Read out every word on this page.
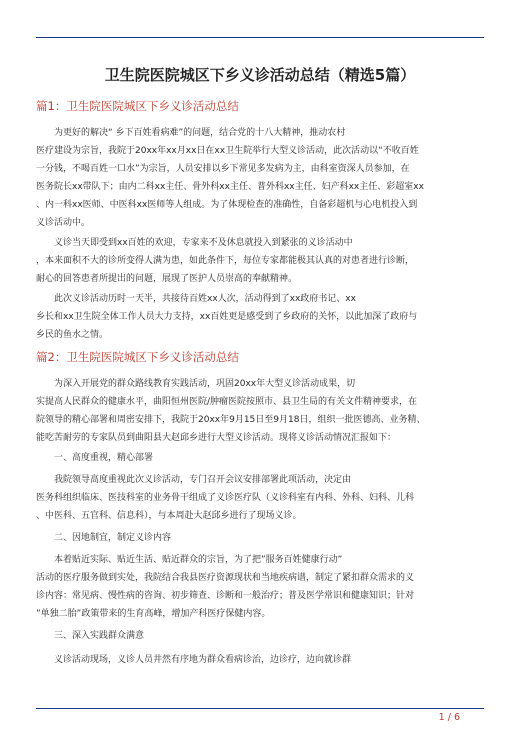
卫生院医院城区下乡义诊活动总结（精选5篇）
篇1：卫生院医院城区下乡义诊活动总结

　　为更好的解决“ 乡下百姓看病难”的问题，结合党的十八大精神，推动农村

医疗建设为宗旨，我院于20xx年xx月xx日在xx卫生院举行大型义诊活动，此次活动以“不收百姓

一分钱，不喝百姓一口水”为宗旨，人员安排以乡下常见多发病为主，由科室资深人员参加，在

医务院长xx带队下；由内二科xx主任、骨外科xx主任、普外科xx主任、妇产科xx主任、彩超室xx

、内一科xx医师、中医科xx医师等人组成。为了体现检查的准确性，自备彩超机与心电机投入到

义诊活动中。

　　义诊当天即受到xx百姓的欢迎，专家来不及休息就投入到紧张的义诊活动中

，本来面积不大的诊所变得人满为患，如此条件下，每位专家都能极其认真的对患者进行诊断，

耐心的回答患者所提出的问题，展现了医护人员崇高的奉献精神。

　　此次义诊活动历时一天半，共接待百姓xx人次，活动得到了xx政府书记、xx

乡长和xx卫生院全体工作人员大力支持，xx百姓更是感受到了乡政府的关怀，以此加深了政府与

乡民的鱼水之情。

篇2：卫生院医院城区下乡义诊活动总结

　　为深入开展党的群众路线教育实践活动，巩固20xx年大型义诊活动成果，切

实提高人民群众的健康水平，曲阳恒州医院/肿瘤医院按照市、县卫生局的有关文件精神要求，在

院领导的精心部署和周密安排下，我院于20xx年9月15日至9月18日，组织一批医德高、业务精、

能吃苦耐劳的专家队员到曲阳县大赵邱乡进行大型义诊活动。现将义诊活动情况汇报如下：

　　一、高度重视，精心部署

　　我院领导高度重视此次义诊活动，专门召开会议安排部署此项活动，决定由

医务科组织临床、医技科室的业务骨干组成了义诊医疗队（义诊科室有内科、外科、妇科、儿科

、中医科、五官科、信息科），与本周赴大赵邱乡进行了现场义诊。

　　二、因地制宜，制定义诊内容

　　本着贴近实际、贴近生活、贴近群众的宗旨，为了把”服务百姓健康行动”

活动的医疗服务做到实处，我院结合我县医疗资源现状和当地疾病谱，制定了紧扣群众需求的义

诊内容：常见病、慢性病的咨询、初步筛查、诊断和一般治疗；普及医学常识和健康知识；针对

”单独二胎”政策带来的生育高峰，增加产科医疗保健内容。

　　三、深入实践群众满意

　　义诊活动现场，义诊人员井然有序地为群众看病诊治，边诊疗，边向就诊群

1 / 6
